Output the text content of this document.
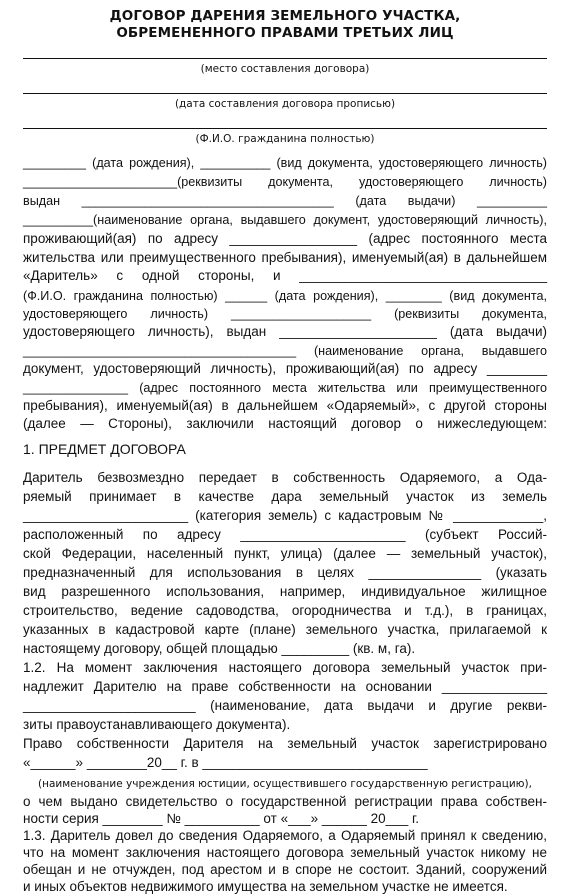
ДОГОВОР ДАРЕНИЯ ЗЕМЕЛЬНОГО УЧАСТКА,
ОБРЕМЕНЕННОГО ПРАВАМИ ТРЕТЬИХ ЛИЦ
(место составления договора)
(дата составления договора прописью)
(Ф.И.О. гражданина полностью)
_________ (дата рождения), __________ (вид документа, удостоверяющего личность)
______________________(реквизиты документа, удостоверяющего личность)
выдан ____________________________________ (дата выдачи) __________
__________(наименование органа, выдавшего документ, удостоверяющий личность),
проживающий(ая) по адресу _________________ (адрес постоянного места
жительства или преимущественного пребывания), именуемый(ая) в дальнейшем
«Даритель» с одной стороны, и _________________________________
(Ф.И.О. гражданина полностью) ______ (дата рождения), ________ (вид документа,
удостоверяющего личность) ____________________ (реквизиты документа,
удостоверяющего личность), выдан _____________________ (дата выдачи)
_______________________________________ (наименование органа, выдавшего
документ, удостоверяющий личность), проживающий(ая) по адресу ________
_______________ (адрес постоянного места жительства или преимущественного
пребывания), именуемый(ая) в дальнейшем «Одаряемый», с другой стороны
(далее — Стороны), заключили настоящий договор о нижеследующем:
1. ПРЕДМЕТ ДОГОВОРА
Даритель безвозмездно передает в собственность Одаряемого, а Ода-
ряемый принимает в качестве дара земельный участок из земель
______________________ (категория земель) с кадастровым № ____________,
расположенный по адресу ______________________ (субъект Россий-
ской Федерации, населенный пункт, улица) (далее — земельный участок),
предназначенный для использования в целях _______________ (указать
вид разрешенного использования, например, индивидуальное жилищное
строительство, ведение садоводства, огородничества и т.д.), в границах,
указанных в кадастровой карте (плане) земельного участка, прилагаемой к
настоящему договору, общей площадью _________ (кв. м, га).
1.2. На момент заключения настоящего договора земельный участок при-
надлежит Дарителю на праве собственности на основании ______________
_______________________ (наименование, дата выдачи и другие рекви-
зиты правоустанавливающего документа).
Право собственности Дарителя на земельный участок зарегистрировано
«______» ________20__ г. в ______________________________
(наименование учреждения юстиции, осуществившего государственную регистрацию),
о чем выдано свидетельство о государственной регистрации права собствен-
ности серия ________ № __________ от «___» ______ 20___ г.
1.3. Даритель довел до сведения Одаряемого, а Одаряемый принял к сведению,
что на момент заключения настоящего договора земельный участок никому не
обещан и не отчужден, под арестом и в споре не состоит. Зданий, сооружений
и иных объектов недвижимого имущества на земельном участке не имеется.
